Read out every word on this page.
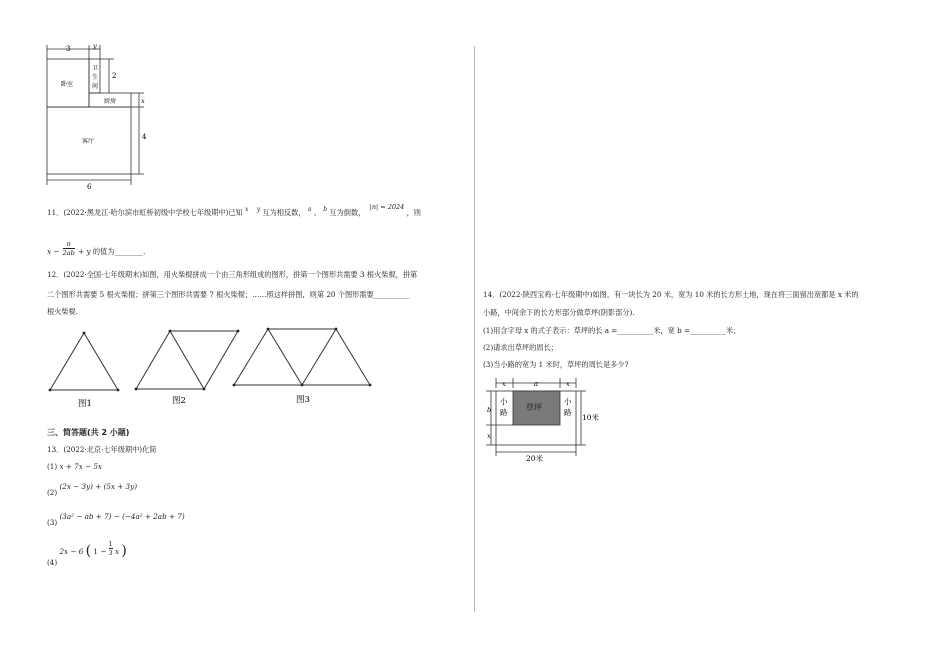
3	y
2
x
4
6
卧室
卫
生
间
厨房
客厅
11．(2022·黑龙江·哈尔滨市虹桥初级中学校七年级期中)已知 $^x$ $^y$ 互为相反数， $^a$ 、 $^b$ 互为倒数， |n| = 2024 ，则
$x - \frac{n}{2ab} + y$ 的值为________.
12．(2022·全国·七年级期末)如图，用火柴棍拼成一个由三角形组成的图形，拼第一个图形共需要 3 根火柴棍，拼第
二个图形共需要 5 根火柴棍；拼第三个图形共需要 7 根火柴棍；……照这样拼图，则第 20 个图形需要__________
根火柴棍.
图1	图2	图3
三、简答题(共 2 小题)
13．(2022·北京·七年级期中)化简
(1) x + 7x − 5x
(2) (2x − 3y) + (5x + 3y)
(3) (3a² − ab + 7) − (−4a² + 2ab + 7)
(4) 2x − 6 ( $1 - \frac{1}{3}$ x )
14．(2022·陕西宝鸡·七年级期中)如图，有一块长为 20 米，宽为 10 米的长方形土地，现在将三面留出宽都是 x 米的
小路，中间余下的长方形部分做草坪(阴影部分).
(1)用含字母 x 的式子表示：草坪的长 a =__________米，宽 b =__________米；
(2)请求出草坪的周长；
(3)当小路的宽为 1 米时，草坪的周长是多少?
草坪
小
路
小
路
x	a	x
b
x
10米
20米
